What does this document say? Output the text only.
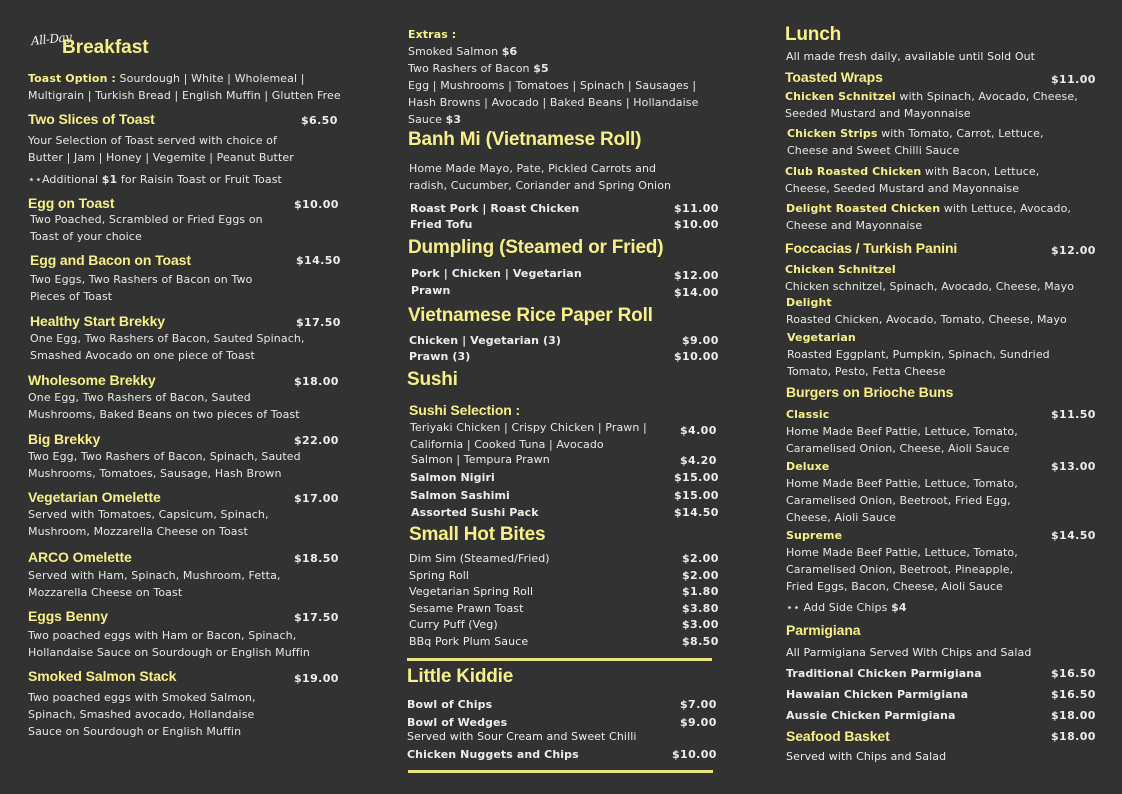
All-Day
Breakfast
Toast Option : Sourdough | White | Wholemeal |
Multigrain | Turkish Bread | English Muffin | Glutten Free
Two Slices of Toast	$6.50
Your Selection of Toast served with choice of
Butter | Jam | Honey | Vegemite | Peanut Butter
⋆⋆Additional $1 for Raisin Toast or Fruit Toast
Egg on Toast	$10.00
Two Poached, Scrambled or Fried Eggs on
Toast of your choice
Egg and Bacon on Toast	$14.50
Two Eggs, Two Rashers of Bacon on Two
Pieces of Toast
Healthy Start Brekky	$17.50
One Egg, Two Rashers of Bacon, Sauted Spinach,
Smashed Avocado on one piece of Toast
Wholesome Brekky	$18.00
One Egg, Two Rashers of Bacon, Sauted
Mushrooms, Baked Beans on two pieces of Toast
Big Brekky	$22.00
Two Egg, Two Rashers of Bacon, Spinach, Sauted
Mushrooms, Tomatoes, Sausage, Hash Brown
Vegetarian Omelette	$17.00
Served with Tomatoes, Capsicum, Spinach,
Mushroom, Mozzarella Cheese on Toast
ARCO Omelette	$18.50
Served with Ham, Spinach, Mushroom, Fetta,
Mozzarella Cheese on Toast
Eggs Benny	$17.50
Two poached eggs with Ham or Bacon, Spinach,
Hollandaise Sauce on Sourdough or English Muffin
Smoked Salmon Stack	$19.00
Two poached eggs with Smoked Salmon,
Spinach, Smashed avocado, Hollandaise
Sauce on Sourdough or English Muffin
Extras :
Smoked Salmon $6
Two Rashers of Bacon $5
Egg | Mushrooms | Tomatoes | Spinach | Sausages |
Hash Browns | Avocado | Baked Beans | Hollandaise
Sauce $3
Banh Mi (Vietnamese Roll)
Home Made Mayo, Pate, Pickled Carrots and
radish, Cucumber, Coriander and Spring Onion
Roast Pork | Roast Chicken	$11.00
Fried Tofu	$10.00
Dumpling (Steamed or Fried)
Pork | Chicken | Vegetarian	$12.00
Prawn	$14.00
Vietnamese Rice Paper Roll
Chicken | Vegetarian (3)	$9.00
Prawn (3)	$10.00
Sushi
Sushi Selection :
Teriyaki Chicken | Crispy Chicken | Prawn |
California | Cooked Tuna | Avocado
$4.00
Salmon | Tempura Prawn	$4.20
Salmon Nigiri	$15.00
Salmon Sashimi	$15.00
Assorted Sushi Pack	$14.50
Small Hot Bites
Dim Sim (Steamed/Fried)	$2.00
Spring Roll	$2.00
Vegetarian Spring Roll	$1.80
Sesame Prawn Toast	$3.80
Curry Puff (Veg)	$3.00
BBq Pork Plum Sauce	$8.50
Little Kiddie
Bowl of Chips	$7.00
Bowl of Wedges	$9.00
Served with Sour Cream and Sweet Chilli
Chicken Nuggets and Chips	$10.00
Lunch
All made fresh daily, available until Sold Out
Toasted Wraps	$11.00
Chicken Schnitzel with Spinach, Avocado, Cheese,
Seeded Mustard and Mayonnaise
Chicken Strips with Tomato, Carrot, Lettuce,
Cheese and Sweet Chilli Sauce
Club Roasted Chicken with Bacon, Lettuce,
Cheese, Seeded Mustard and Mayonnaise
Delight Roasted Chicken with Lettuce, Avocado,
Cheese and Mayonnaise
Foccacias / Turkish Panini	$12.00
Chicken Schnitzel
Chicken schnitzel, Spinach, Avocado, Cheese, Mayo
Delight
Roasted Chicken, Avocado, Tomato, Cheese, Mayo
Vegetarian
Roasted Eggplant, Pumpkin, Spinach, Sundried
Tomato, Pesto, Fetta Cheese
Burgers on Brioche Buns
Classic
Home Made Beef Pattie, Lettuce, Tomato,
Caramelised Onion, Cheese, Aioli Sauce
$11.50
Deluxe
Home Made Beef Pattie, Lettuce, Tomato,
Caramelised Onion, Beetroot, Fried Egg,
Cheese, Aioli Sauce
$13.00
Supreme
Home Made Beef Pattie, Lettuce, Tomato,
Caramelised Onion, Beetroot, Pineapple,
Fried Eggs, Bacon, Cheese, Aioli Sauce
$14.50
⋆⋆ Add Side Chips $4
Parmigiana
All Parmigiana Served With Chips and Salad
Traditional Chicken Parmigiana	$16.50
Hawaian Chicken Parmigiana	$16.50
Aussie Chicken Parmigiana	$18.00
Seafood Basket	$18.00
Served with Chips and Salad
